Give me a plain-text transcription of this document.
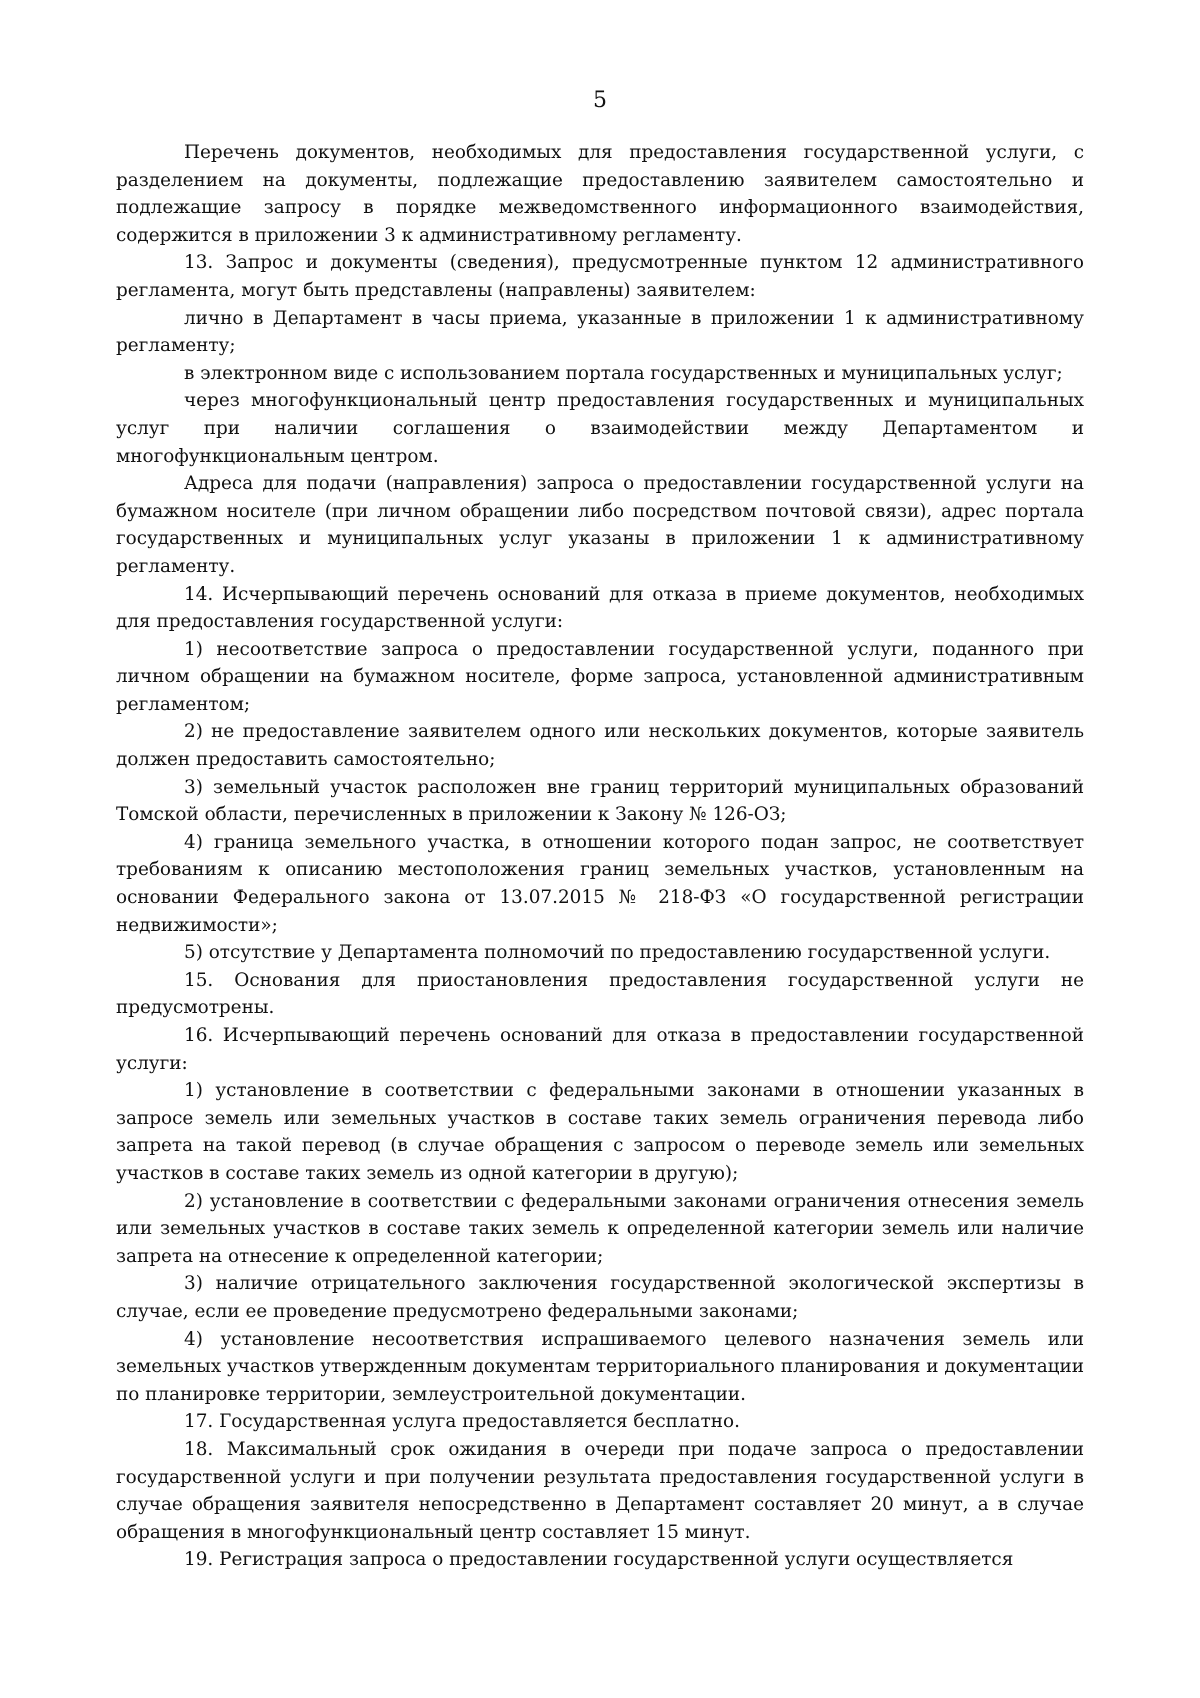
5

Перечень документов, необходимых для предоставления государственной услуги, с разделением на документы, подлежащие предоставлению заявителем самостоятельно и подлежащие запросу в порядке межведомственного информационного взаимодействия, содержится в приложении 3 к административному регламенту.

13. Запрос и документы (сведения), предусмотренные пунктом 12 административного регламента, могут быть представлены (направлены) заявителем:

лично в Департамент в часы приема, указанные в приложении 1 к административному регламенту;

в электронном виде с использованием портала государственных и муниципальных услуг;

через многофункциональный центр предоставления государственных и муниципальных услуг при наличии соглашения о взаимодействии между Департаментом и многофункциональным центром.

Адреса для подачи (направления) запроса о предоставлении государственной услуги на бумажном носителе (при личном обращении либо посредством почтовой связи), адрес портала государственных и муниципальных услуг указаны в приложении 1 к административному регламенту.

14. Исчерпывающий перечень оснований для отказа в приеме документов, необходимых для предоставления государственной услуги:

1) несоответствие запроса о предоставлении государственной услуги, поданного при личном обращении на бумажном носителе, форме запроса, установленной административным регламентом;

2) не предоставление заявителем одного или нескольких документов, которые заявитель должен предоставить самостоятельно;

3) земельный участок расположен вне границ территорий муниципальных образований Томской области, перечисленных в приложении к Закону № 126-ОЗ;

4) граница земельного участка, в отношении которого подан запрос, не соответствует требованиям к описанию местоположения границ земельных участков, установленным на основании Федерального закона от 13.07.2015 № 218-ФЗ «О государственной регистрации недвижимости»;

5) отсутствие у Департамента полномочий по предоставлению государственной услуги.

15. Основания для приостановления предоставления государственной услуги не предусмотрены.

16. Исчерпывающий перечень оснований для отказа в предоставлении государственной услуги:

1) установление в соответствии с федеральными законами в отношении указанных в запросе земель или земельных участков в составе таких земель ограничения перевода либо запрета на такой перевод (в случае обращения с запросом о переводе земель или земельных участков в составе таких земель из одной категории в другую);

2) установление в соответствии с федеральными законами ограничения отнесения земель или земельных участков в составе таких земель к определенной категории земель или наличие запрета на отнесение к определенной категории;

3) наличие отрицательного заключения государственной экологической экспертизы в случае, если ее проведение предусмотрено федеральными законами;

4) установление несоответствия испрашиваемого целевого назначения земель или земельных участков утвержденным документам территориального планирования и документации по планировке территории, землеустроительной документации.

17. Государственная услуга предоставляется бесплатно.

18. Максимальный срок ожидания в очереди при подаче запроса о предоставлении государственной услуги и при получении результата предоставления государственной услуги в случае обращения заявителя непосредственно в Департамент составляет 20 минут, а в случае обращения в многофункциональный центр составляет 15 минут.

19. Регистрация запроса о предоставлении государственной услуги осуществляется
